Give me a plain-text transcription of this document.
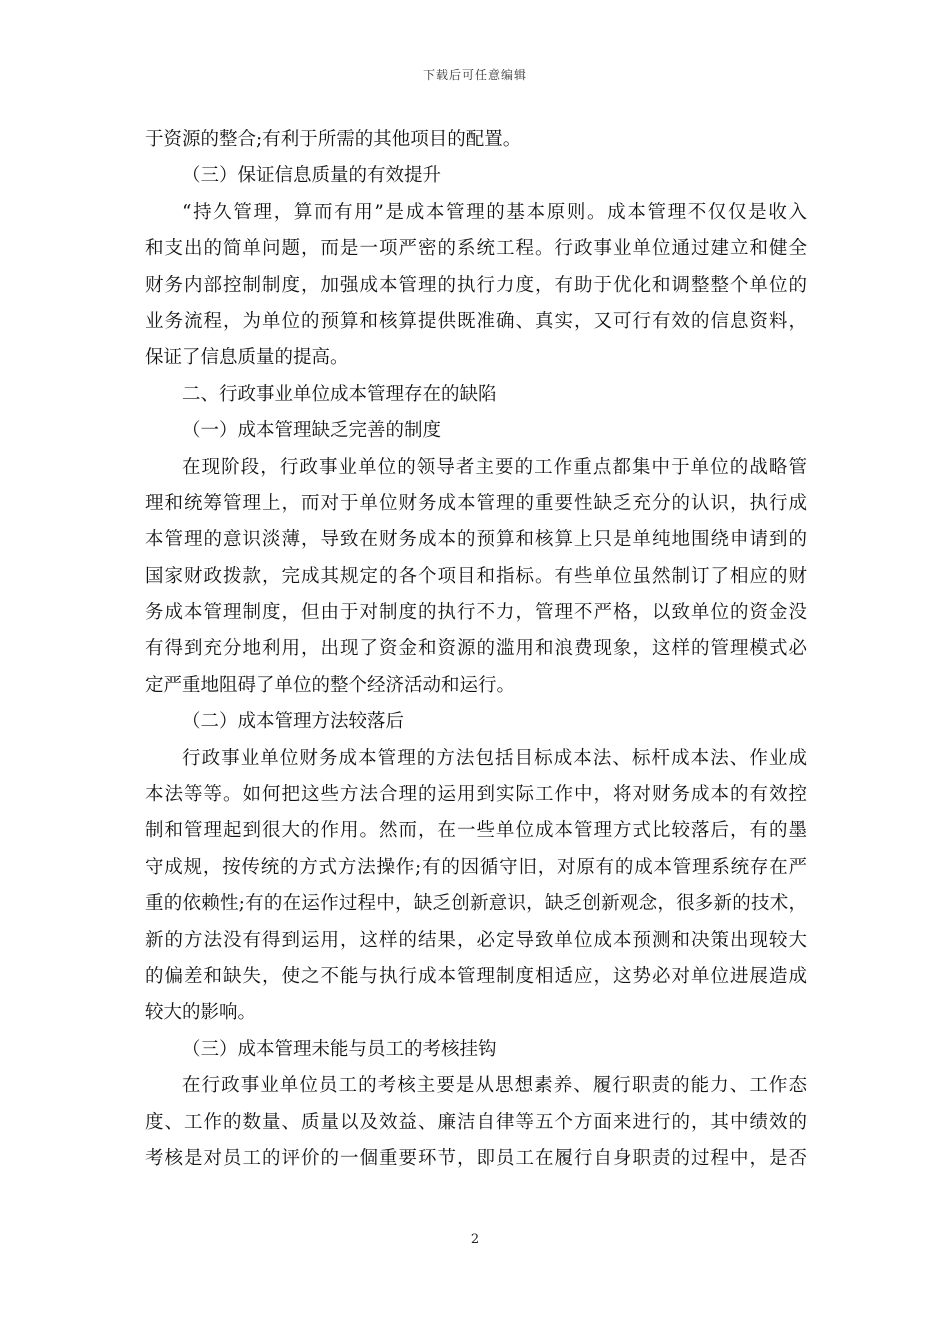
下载后可任意编辑
于资源的整合;有利于所需的其他项目的配置。
（三）保证信息质量的有效提升
“持久管理，算而有用”是成本管理的基本原则。成本管理不仅仅是收入
和支出的简单问题，而是一项严密的系统工程。行政事业单位通过建立和健全
财务内部控制制度，加强成本管理的执行力度，有助于优化和调整整个单位的
业务流程，为单位的预算和核算提供既准确、真实，又可行有效的信息资料，
保证了信息质量的提高。
二、行政事业单位成本管理存在的缺陷
（一）成本管理缺乏完善的制度
在现阶段，行政事业单位的领导者主要的工作重点都集中于单位的战略管
理和统筹管理上，而对于单位财务成本管理的重要性缺乏充分的认识，执行成
本管理的意识淡薄，导致在财务成本的预算和核算上只是单纯地围绕申请到的
国家财政拨款，完成其规定的各个项目和指标。有些单位虽然制订了相应的财
务成本管理制度，但由于对制度的执行不力，管理不严格，以致单位的资金没
有得到充分地利用，出现了资金和资源的滥用和浪费现象，这样的管理模式必
定严重地阻碍了单位的整个经济活动和运行。
（二）成本管理方法较落后
行政事业单位财务成本管理的方法包括目标成本法、标杆成本法、作业成
本法等等。如何把这些方法合理的运用到实际工作中，将对财务成本的有效控
制和管理起到很大的作用。然而，在一些单位成本管理方式比较落后，有的墨
守成规，按传统的方式方法操作;有的因循守旧，对原有的成本管理系统存在严
重的依赖性;有的在运作过程中，缺乏创新意识，缺乏创新观念，很多新的技术，
新的方法没有得到运用，这样的结果，必定导致单位成本预测和决策出现较大
的偏差和缺失，使之不能与执行成本管理制度相适应，这势必对单位进展造成
较大的影响。
（三）成本管理未能与员工的考核挂钩
在行政事业单位员工的考核主要是从思想素养、履行职责的能力、工作态
度、工作的数量、质量以及效益、廉洁自律等五个方面来进行的，其中绩效的
考核是对员工的评价的一個重要环节，即员工在履行自身职责的过程中，是否
2
